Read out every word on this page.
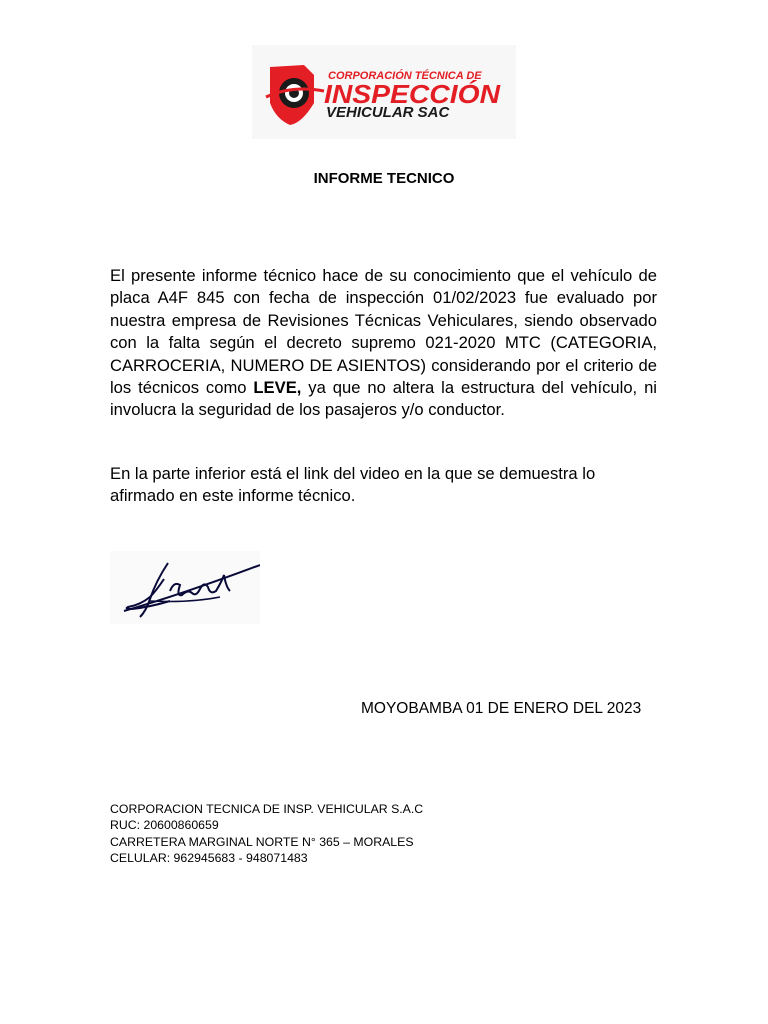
CORPORACIÓN TÉCNICA DE
INSPECCIÓN
VEHICULAR SAC
INFORME TECNICO
El presente informe técnico hace de su conocimiento que el vehículo de placa A4F 845 con fecha de inspección 01/02/2023 fue evaluado por nuestra empresa de Revisiones Técnicas Vehiculares, siendo observado con la falta según el decreto supremo 021-2020 MTC (CATEGORIA, CARROCERIA, NUMERO DE ASIENTOS) considerando por el criterio de los técnicos como LEVE, ya que no altera la estructura del vehículo, ni involucra la seguridad de los pasajeros y/o conductor.
En la parte inferior está el link del video en la que se demuestra lo afirmado en este informe técnico.
MOYOBAMBA 01 DE ENERO DEL 2023
CORPORACION TECNICA DE INSP. VEHICULAR S.A.C
RUC: 20600860659
CARRETERA MARGINAL NORTE N° 365 – MORALES
CELULAR: 962945683 - 948071483
